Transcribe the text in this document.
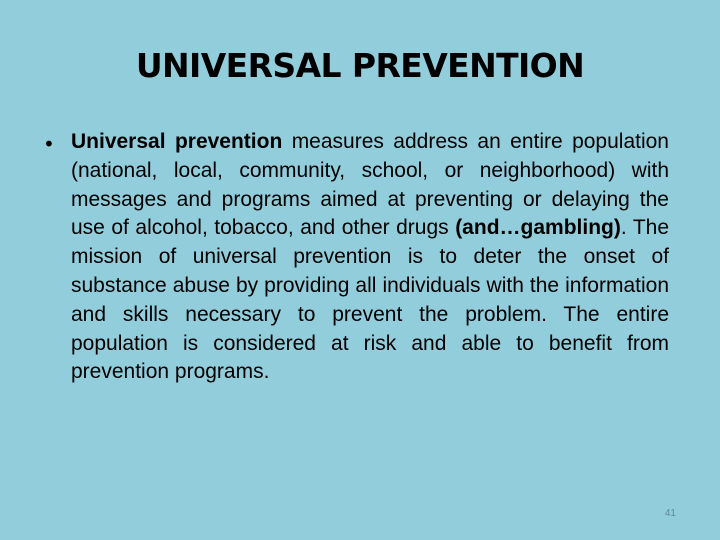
UNIVERSAL PREVENTION
• Universal prevention measures address an entire population (national, local, community, school, or neighborhood) with messages and programs aimed at preventing or delaying the use of alcohol, tobacco, and other drugs (and…gambling). The mission of universal prevention is to deter the onset of substance abuse by providing all individuals with the information and skills necessary to prevent the problem. The entire population is considered at risk and able to benefit from prevention programs.
41
